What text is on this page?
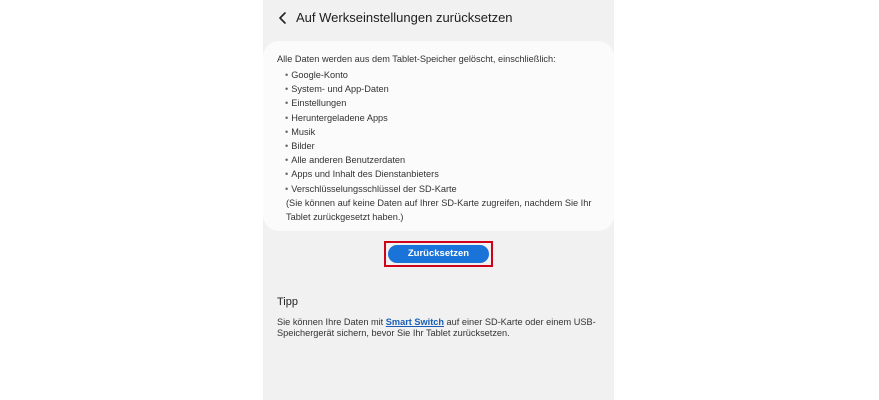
Auf Werkseinstellungen zurücksetzen
Alle Daten werden aus dem Tablet-Speicher gelöscht, einschließlich:
• Google-Konto
• System- und App-Daten
• Einstellungen
• Heruntergeladene Apps
• Musik
• Bilder
• Alle anderen Benutzerdaten
• Apps und Inhalt des Dienstanbieters
• Verschlüsselungsschlüssel der SD-Karte
(Sie können auf keine Daten auf Ihrer SD-Karte zugreifen, nachdem Sie Ihr Tablet zurückgesetzt haben.)
Zurücksetzen
Tipp
Sie können Ihre Daten mit Smart Switch auf einer SD-Karte oder einem USB-Speichergerät sichern, bevor Sie Ihr Tablet zurücksetzen.
